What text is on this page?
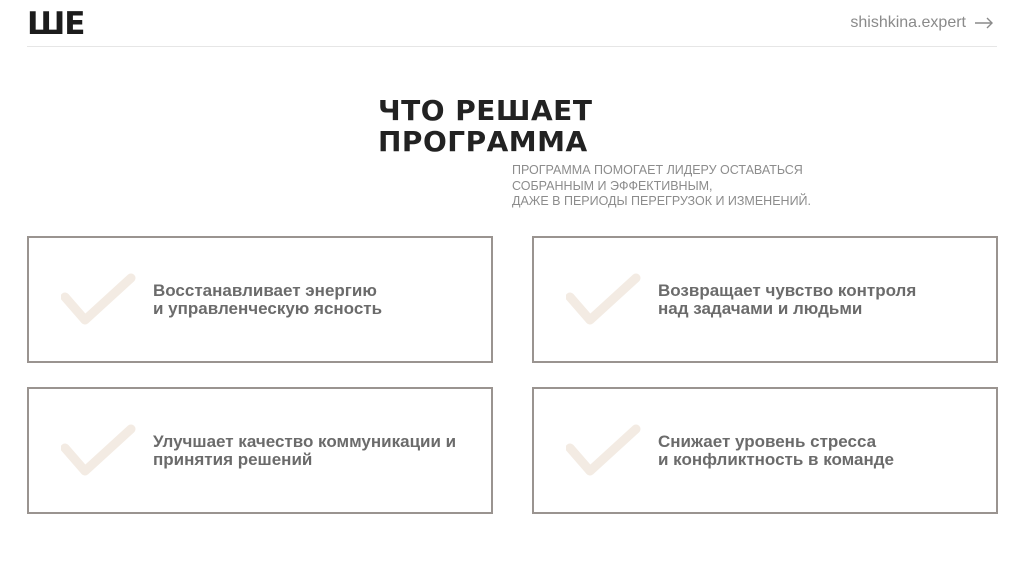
ШЕ	shishkina.expert
ЧТО РЕШАЕТ
ПРОГРАММА

ПРОГРАММА ПОМОГАЕТ ЛИДЕРУ ОСТАВАТЬСЯ
СОБРАННЫМ И ЭФФЕКТИВНЫМ,
ДАЖЕ В ПЕРИОДЫ ПЕРЕГРУЗОК И ИЗМЕНЕНИЙ.

Восстанавливает энергию
и управленческую ясность

Возвращает чувство контроля
над задачами и людьми

Улучшает качество коммуникации и
принятия решений

Снижает уровень стресса
и конфликтность в команде
